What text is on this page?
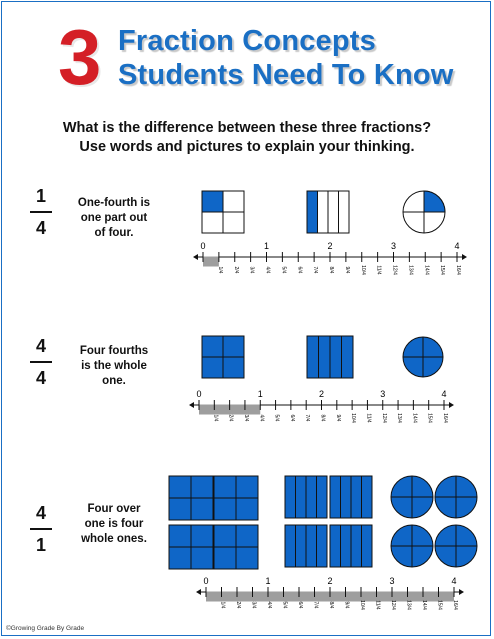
3 Fraction Concepts
Students Need To Know
What is the difference between these three fractions?
Use words and pictures to explain your thinking.
1
4
One-fourth is
one part out
of four.
4
4
Four fourths
is the whole
one.
4
1
Four over
one is four
whole ones.
0	1	2	3	4
1/4 2/4 3/4 4/4 5/4 6/4 7/4 8/4 9/4 10/4 11/4 12/4 13/4 14/4 15/4 16/4
0	1	2	3	4
1/4 2/4 3/4 4/4 5/4 6/4 7/4 8/4 9/4 10/4 11/4 12/4 13/4 14/4 15/4 16/4
0	1	2	3	4
1/4 2/4 3/4 4/4 5/4 6/4 7/4 8/4 9/4 10/4 11/4 12/4 13/4 14/4 15/4 16/4
©Growing Grade By Grade
